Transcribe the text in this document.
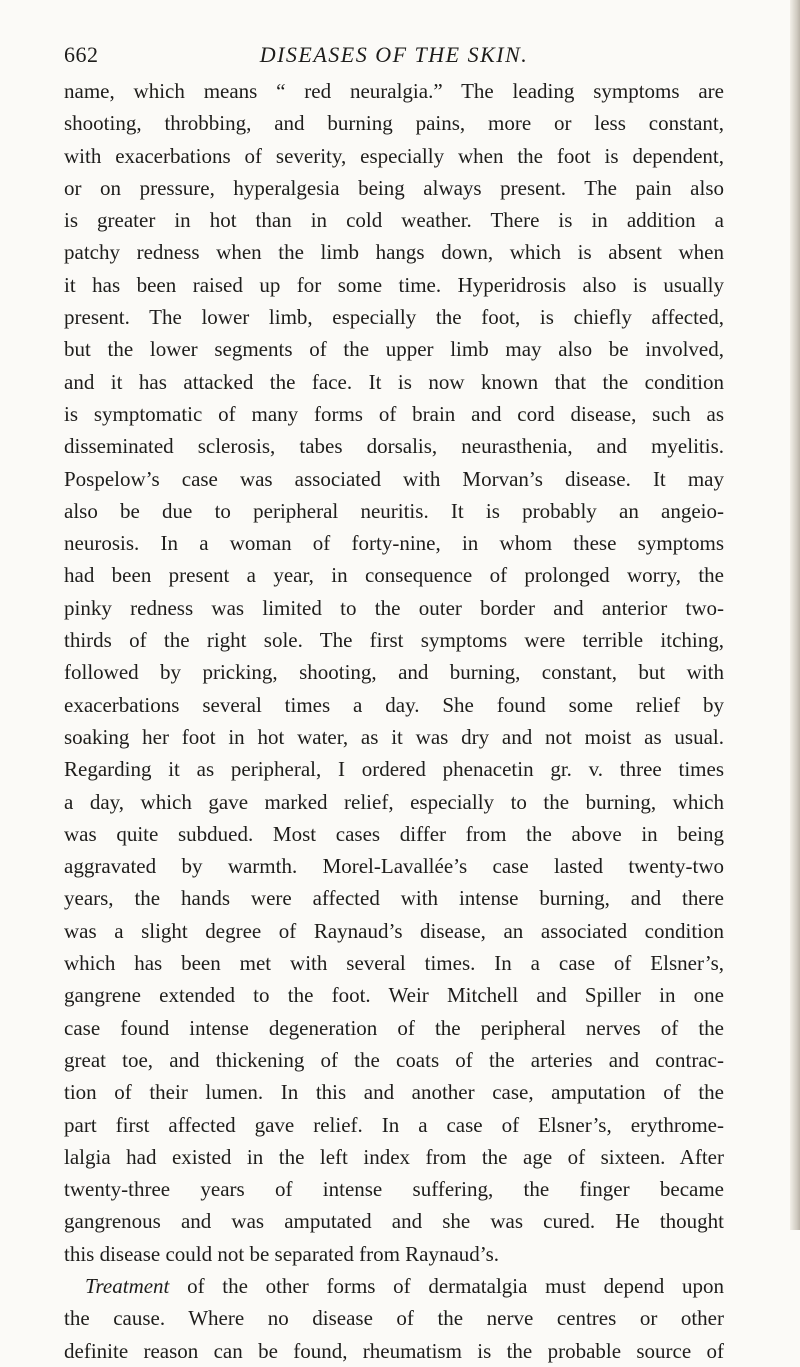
662	DISEASES OF THE SKIN.
name, which means “ red neuralgia.” The leading symptoms are
shooting, throbbing, and burning pains, more or less constant,
with exacerbations of severity, especially when the foot is dependent,
or on pressure, hyperalgesia being always present. The pain also
is greater in hot than in cold weather. There is in addition a
patchy redness when the limb hangs down, which is absent when
it has been raised up for some time. Hyperidrosis also is usually
present. The lower limb, especially the foot, is chiefly affected,
but the lower segments of the upper limb may also be involved,
and it has attacked the face. It is now known that the condition
is symptomatic of many forms of brain and cord disease, such as
disseminated sclerosis, tabes dorsalis, neurasthenia, and myelitis.
Pospelow’s case was associated with Morvan’s disease. It may
also be due to peripheral neuritis. It is probably an angeio-
neurosis. In a woman of forty-nine, in whom these symptoms
had been present a year, in consequence of prolonged worry, the
pinky redness was limited to the outer border and anterior two-
thirds of the right sole. The first symptoms were terrible itching,
followed by pricking, shooting, and burning, constant, but with
exacerbations several times a day. She found some relief by
soaking her foot in hot water, as it was dry and not moist as usual.
Regarding it as peripheral, I ordered phenacetin gr. v. three times
a day, which gave marked relief, especially to the burning, which
was quite subdued. Most cases differ from the above in being
aggravated by warmth. Morel-Lavallée’s case lasted twenty-two
years, the hands were affected with intense burning, and there
was a slight degree of Raynaud’s disease, an associated condition
which has been met with several times. In a case of Elsner’s,
gangrene extended to the foot. Weir Mitchell and Spiller in one
case found intense degeneration of the peripheral nerves of the
great toe, and thickening of the coats of the arteries and contrac-
tion of their lumen. In this and another case, amputation of the
part first affected gave relief. In a case of Elsner’s, erythrome-
lalgia had existed in the left index from the age of sixteen. After
twenty-three years of intense suffering, the finger became
gangrenous and was amputated and she was cured. He thought
this disease could not be separated from Raynaud’s.
Treatment of the other forms of dermatalgia must depend upon
the cause. Where no disease of the nerve centres or other
definite reason can be found, rheumatism is the probable source of
